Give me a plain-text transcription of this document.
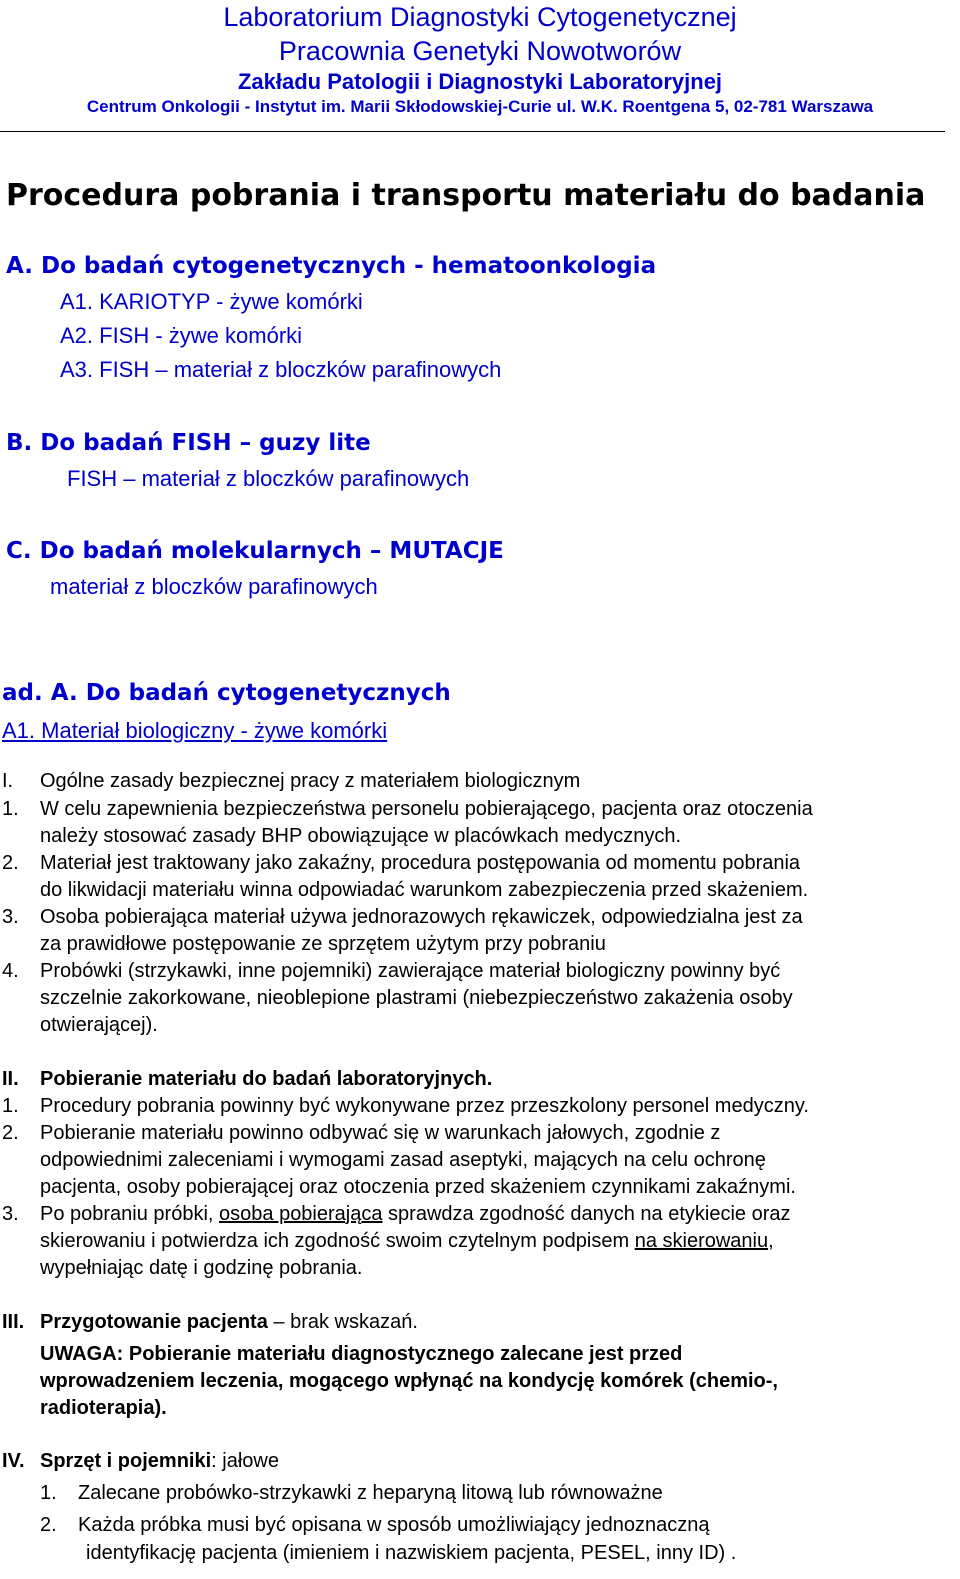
Laboratorium Diagnostyki Cytogenetycznej
Pracownia Genetyki Nowotworów
Zakładu Patologii i Diagnostyki Laboratoryjnej
Centrum Onkologii - Instytut im. Marii Skłodowskiej-Curie ul. W.K. Roentgena 5, 02-781 Warszawa
Procedura pobrania i transportu materiału do badania
A. Do badań cytogenetycznych - hematoonkologia
A1. KARIOTYP - żywe komórki
A2. FISH - żywe komórki
A3. FISH – materiał z bloczków parafinowych
B. Do badań FISH – guzy lite
FISH – materiał z bloczków parafinowych
C. Do badań molekularnych – MUTACJE
materiał z bloczków parafinowych
ad. A. Do badań cytogenetycznych
A1. Materiał biologiczny - żywe komórki
I. Ogólne zasady bezpiecznej pracy z materiałem biologicznym
1. W celu zapewnienia bezpieczeństwa personelu pobierającego, pacjenta oraz otoczenia
należy stosować zasady BHP obowiązujące w placówkach medycznych.
2. Materiał jest traktowany jako zakaźny, procedura postępowania od momentu pobrania
do likwidacji materiału winna odpowiadać warunkom zabezpieczenia przed skażeniem.
3. Osoba pobierająca materiał używa jednorazowych rękawiczek, odpowiedzialna jest za
za prawidłowe postępowanie ze sprzętem użytym przy pobraniu
4. Probówki (strzykawki, inne pojemniki) zawierające materiał biologiczny powinny być
szczelnie zakorkowane, nieoblepione plastrami (niebezpieczeństwo zakażenia osoby
otwierającej).
II. Pobieranie materiału do badań laboratoryjnych.
1. Procedury pobrania powinny być wykonywane przez przeszkolony personel medyczny.
2. Pobieranie materiału powinno odbywać się w warunkach jałowych, zgodnie z
odpowiednimi zaleceniami i wymogami zasad aseptyki, mających na celu ochronę
pacjenta, osoby pobierającej oraz otoczenia przed skażeniem czynnikami zakaźnymi.
3. Po pobraniu próbki, osoba pobierająca sprawdza zgodność danych na etykiecie oraz
skierowaniu i potwierdza ich zgodność swoim czytelnym podpisem na skierowaniu,
wypełniając datę i godzinę pobrania.
III. Przygotowanie pacjenta – brak wskazań.
UWAGA: Pobieranie materiału diagnostycznego zalecane jest przed
wprowadzeniem leczenia, mogącego wpłynąć na kondycję komórek (chemio-,
radioterapia).
IV. Sprzęt i pojemniki: jałowe
1. Zalecane probówko-strzykawki z heparyną litową lub równoważne
2. Każda próbka musi być opisana w sposób umożliwiający jednoznaczną
identyfikację pacjenta (imieniem i nazwiskiem pacjenta, PESEL, inny ID) .
